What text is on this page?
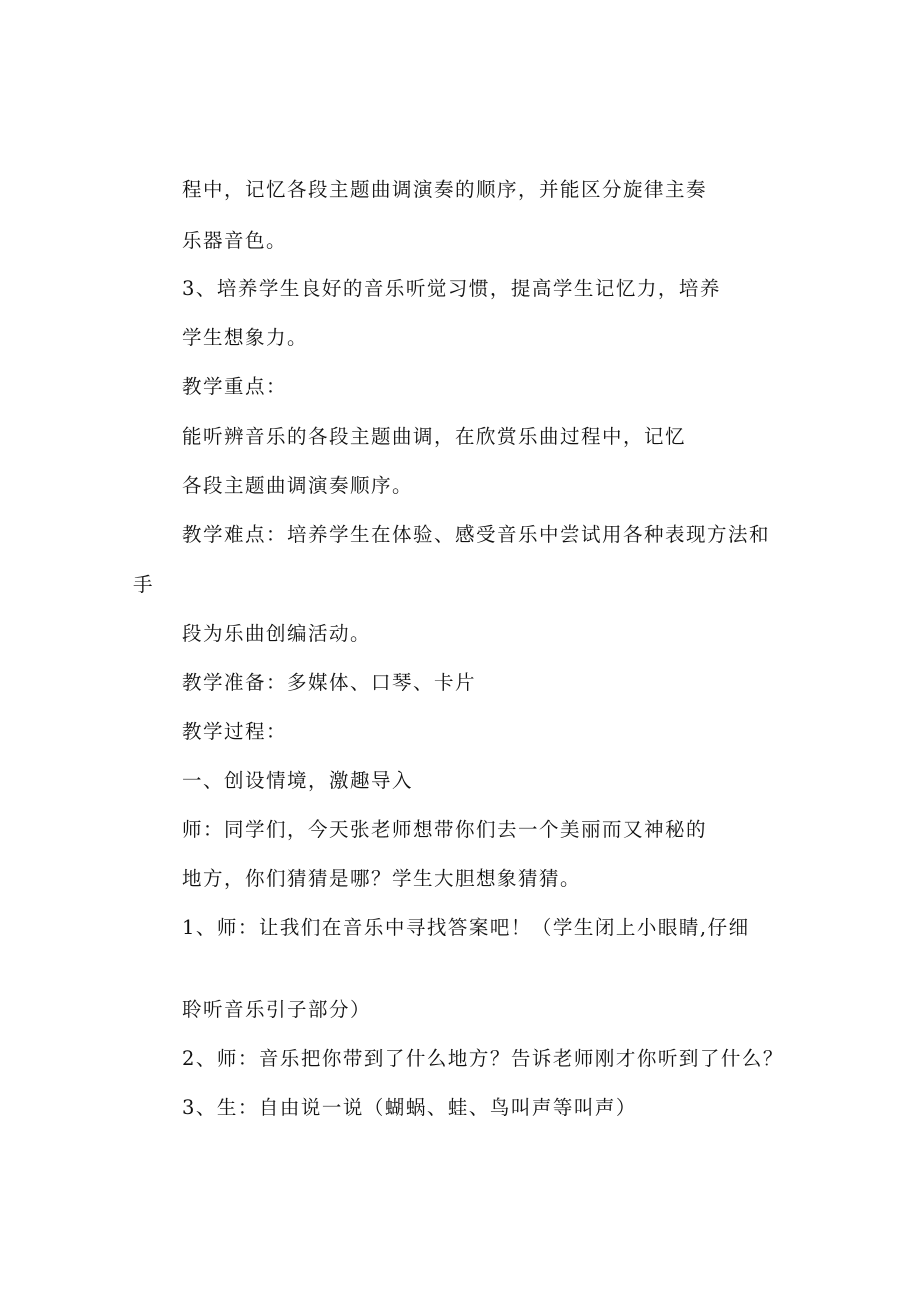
程中，记忆各段主题曲调演奏的顺序，并能区分旋律主奏

乐器音色。

3、培养学生良好的音乐听觉习惯，提高学生记忆力，培养

学生想象力。

教学重点：

能听辨音乐的各段主题曲调，在欣赏乐曲过程中，记忆

各段主题曲调演奏顺序。

教学难点：培养学生在体验、感受音乐中尝试用各种表现方法和

手

段为乐曲创编活动。

教学准备：多媒体、口琴、卡片

教学过程：

一、创设情境，激趣导入

师：同学们，今天张老师想带你们去一个美丽而又神秘的

地方，你们猜猜是哪？学生大胆想象猜猜。

1、师：让我们在音乐中寻找答案吧！（学生闭上小眼睛,仔细

聆听音乐引子部分）

2、师：音乐把你带到了什么地方？告诉老师刚才你听到了什么？

3、生：自由说一说（蝴蜗、蛙、鸟叫声等叫声）
